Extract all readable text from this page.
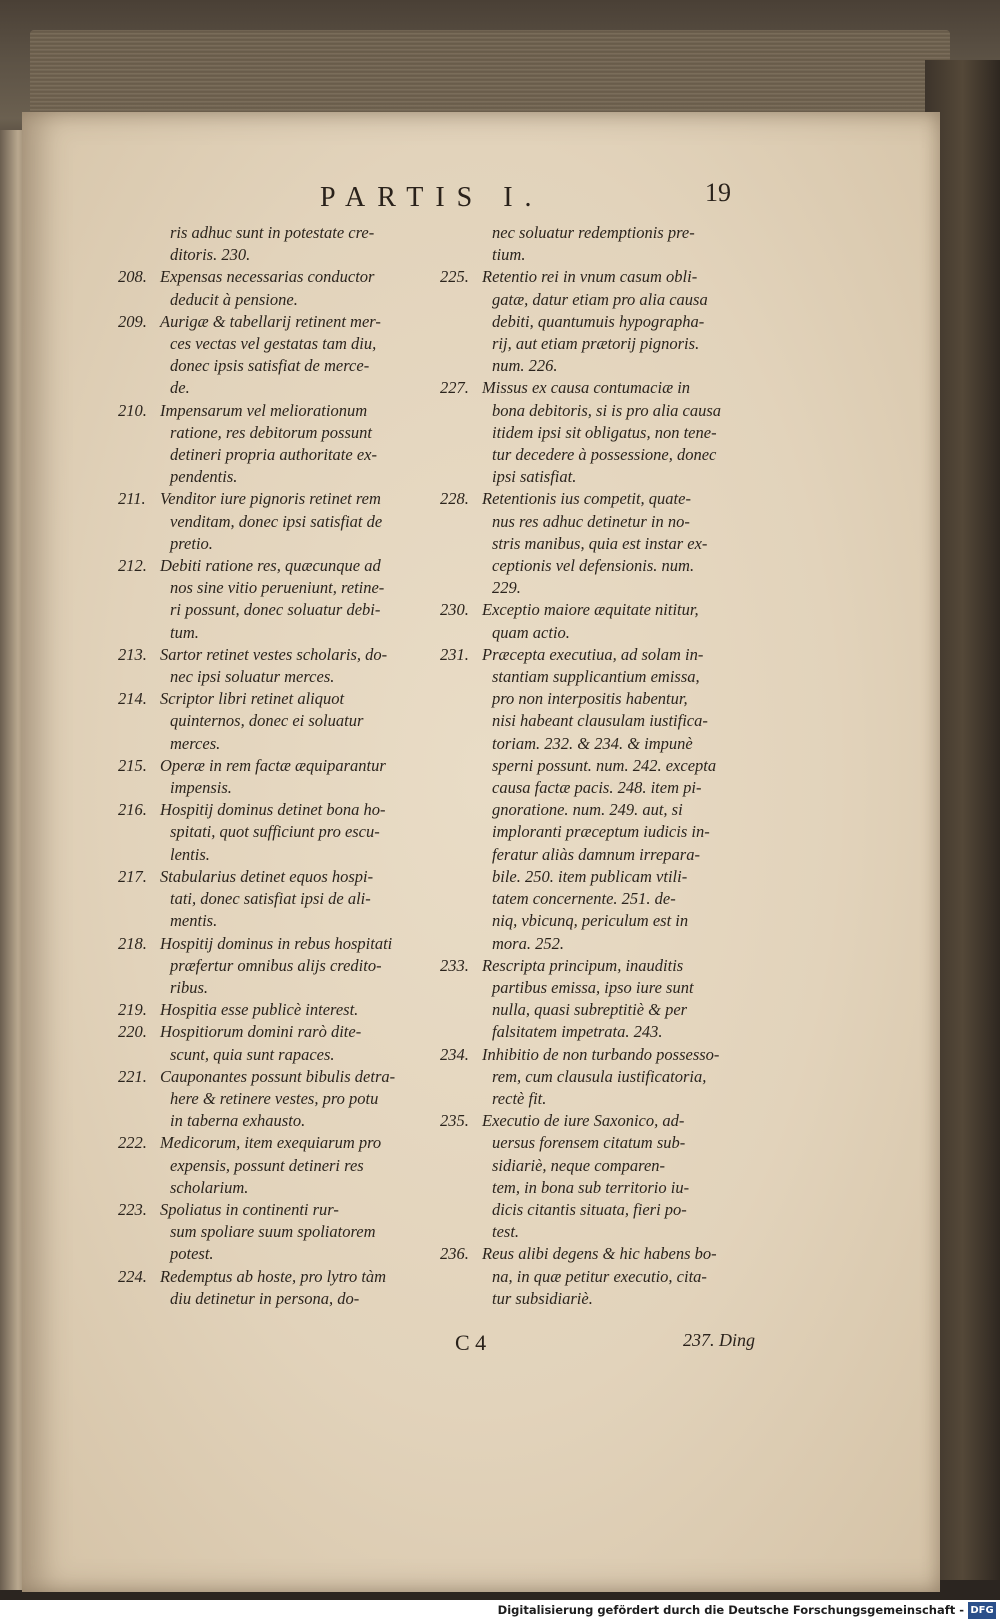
PARTIS I.	19
ris adhuc sunt in potestate cre-
ditoris. 230.
208. Expensas necessarias conductor
deducit à pensione.
209. Aurigæ & tabellarij retinent mer-
ces vectas vel gestatas tam diu,
donec ipsis satisfiat de merce-
de.
210. Impensarum vel meliorationum
ratione, res debitorum possunt
detineri propria authoritate ex-
pendentis.
211. Venditor iure pignoris retinet rem
venditam, donec ipsi satisfiat de
pretio.
212. Debiti ratione res, quæcunque ad
nos sine vitio perueniunt, retine-
ri possunt, donec soluatur debi-
tum.
213. Sartor retinet vestes scholaris, do-
nec ipsi soluatur merces.
214. Scriptor libri retinet aliquot
quinternos, donec ei soluatur
merces.
215. Operæ in rem factæ æquiparantur
impensis.
216. Hospitij dominus detinet bona ho-
spitati, quot sufficiunt pro escu-
lentis.
217. Stabularius detinet equos hospi-
tati, donec satisfiat ipsi de ali-
mentis.
218. Hospitij dominus in rebus hospitati
præfertur omnibus alijs credito-
ribus.
219. Hospitia esse publicè interest.
220. Hospitiorum domini rarò dite-
scunt, quia sunt rapaces.
221. Cauponantes possunt bibulis detra-
here & retinere vestes, pro potu
in taberna exhausto.
222. Medicorum, item exequiarum pro
expensis, possunt detineri res
scholarium.
223. Spoliatus in continenti rur-
sum spoliare suum spoliatorem
potest.
224. Redemptus ab hoste, pro lytro tàm
diu detinetur in persona, do-
nec soluatur redemptionis pre-
tium.
225. Retentio rei in vnum casum obli-
gatæ, datur etiam pro alia causa
debiti, quantumuis hypographa-
rij, aut etiam prætorij pignoris.
num. 226.
227. Missus ex causa contumaciæ in
bona debitoris, si is pro alia causa
itidem ipsi sit obligatus, non tene-
tur decedere à possessione, donec
ipsi satisfiat.
228. Retentionis ius competit, quate-
nus res adhuc detinetur in no-
stris manibus, quia est instar ex-
ceptionis vel defensionis. num.
229.
230. Exceptio maiore æquitate nititur,
quam actio.
231. Præcepta executiua, ad solam in-
stantiam supplicantium emissa,
pro non interpositis habentur,
nisi habeant clausulam iustifica-
toriam. 232. & 234. & impunè
sperni possunt. num. 242. excepta
causa factæ pacis. 248. item pi-
gnoratione. num. 249. aut, si
imploranti præceptum iudicis in-
feratur aliàs damnum irrepara-
bile. 250. item publicam vtili-
tatem concernente. 251. de-
niq, vbicunq, periculum est in
mora. 252.
233. Rescripta principum, inauditis
partibus emissa, ipso iure sunt
nulla, quasi subreptitiè & per
falsitatem impetrata. 243.
234. Inhibitio de non turbando possesso-
rem, cum clausula iustificatoria,
rectè fit.
235. Executio de iure Saxonico, ad-
uersus forensem citatum sub-
sidiariè, neque comparen-
tem, in bona sub territorio iu-
dicis citantis situata, fieri po-
test.
236. Reus alibi degens & hic habens bo-
na, in quæ petitur executio, cita-
tur subsidiariè.
C 4	237. Ding
Digitalisierung gefördert durch die Deutsche Forschungsgemeinschaft - DFG
